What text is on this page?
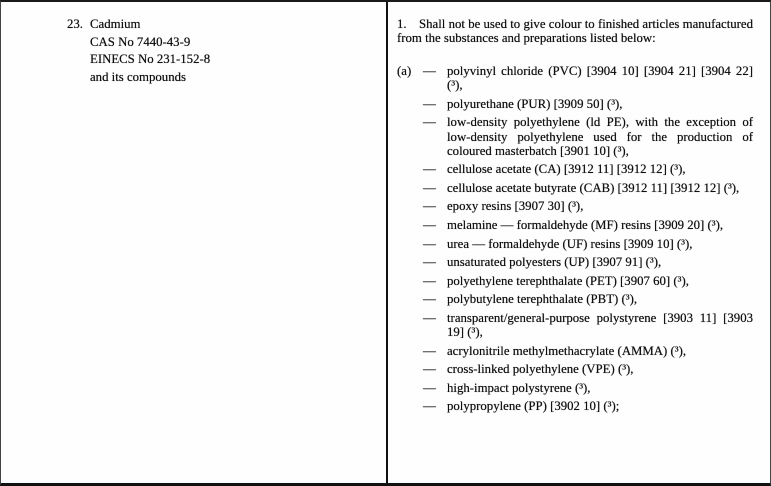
23. Cadmium
CAS No 7440-43-9
EINECS No 231-152-8
and its compounds

1. Shall not be used to give colour to finished articles manufactured from the substances and preparations listed below:

(a) — polyvinyl chloride (PVC) [3904 10] [3904 21] [3904 22] (³),
— polyurethane (PUR) [3909 50] (³),
— low-density polyethylene (ld PE), with the exception of low-density polyethylene used for the production of coloured masterbatch [3901 10] (³),
— cellulose acetate (CA) [3912 11] [3912 12] (³),
— cellulose acetate butyrate (CAB) [3912 11] [3912 12] (³),
— epoxy resins [3907 30] (³),
— melamine — formaldehyde (MF) resins [3909 20] (³),
— urea — formaldehyde (UF) resins [3909 10] (³),
— unsaturated polyesters (UP) [3907 91] (³),
— polyethylene terephthalate (PET) [3907 60] (³),
— polybutylene terephthalate (PBT) (³),
— transparent/general-purpose polystyrene [3903 11] [3903 19] (³),
— acrylonitrile methylmethacrylate (AMMA) (³),
— cross-linked polyethylene (VPE) (³),
— high-impact polystyrene (³),
— polypropylene (PP) [3902 10] (³);
